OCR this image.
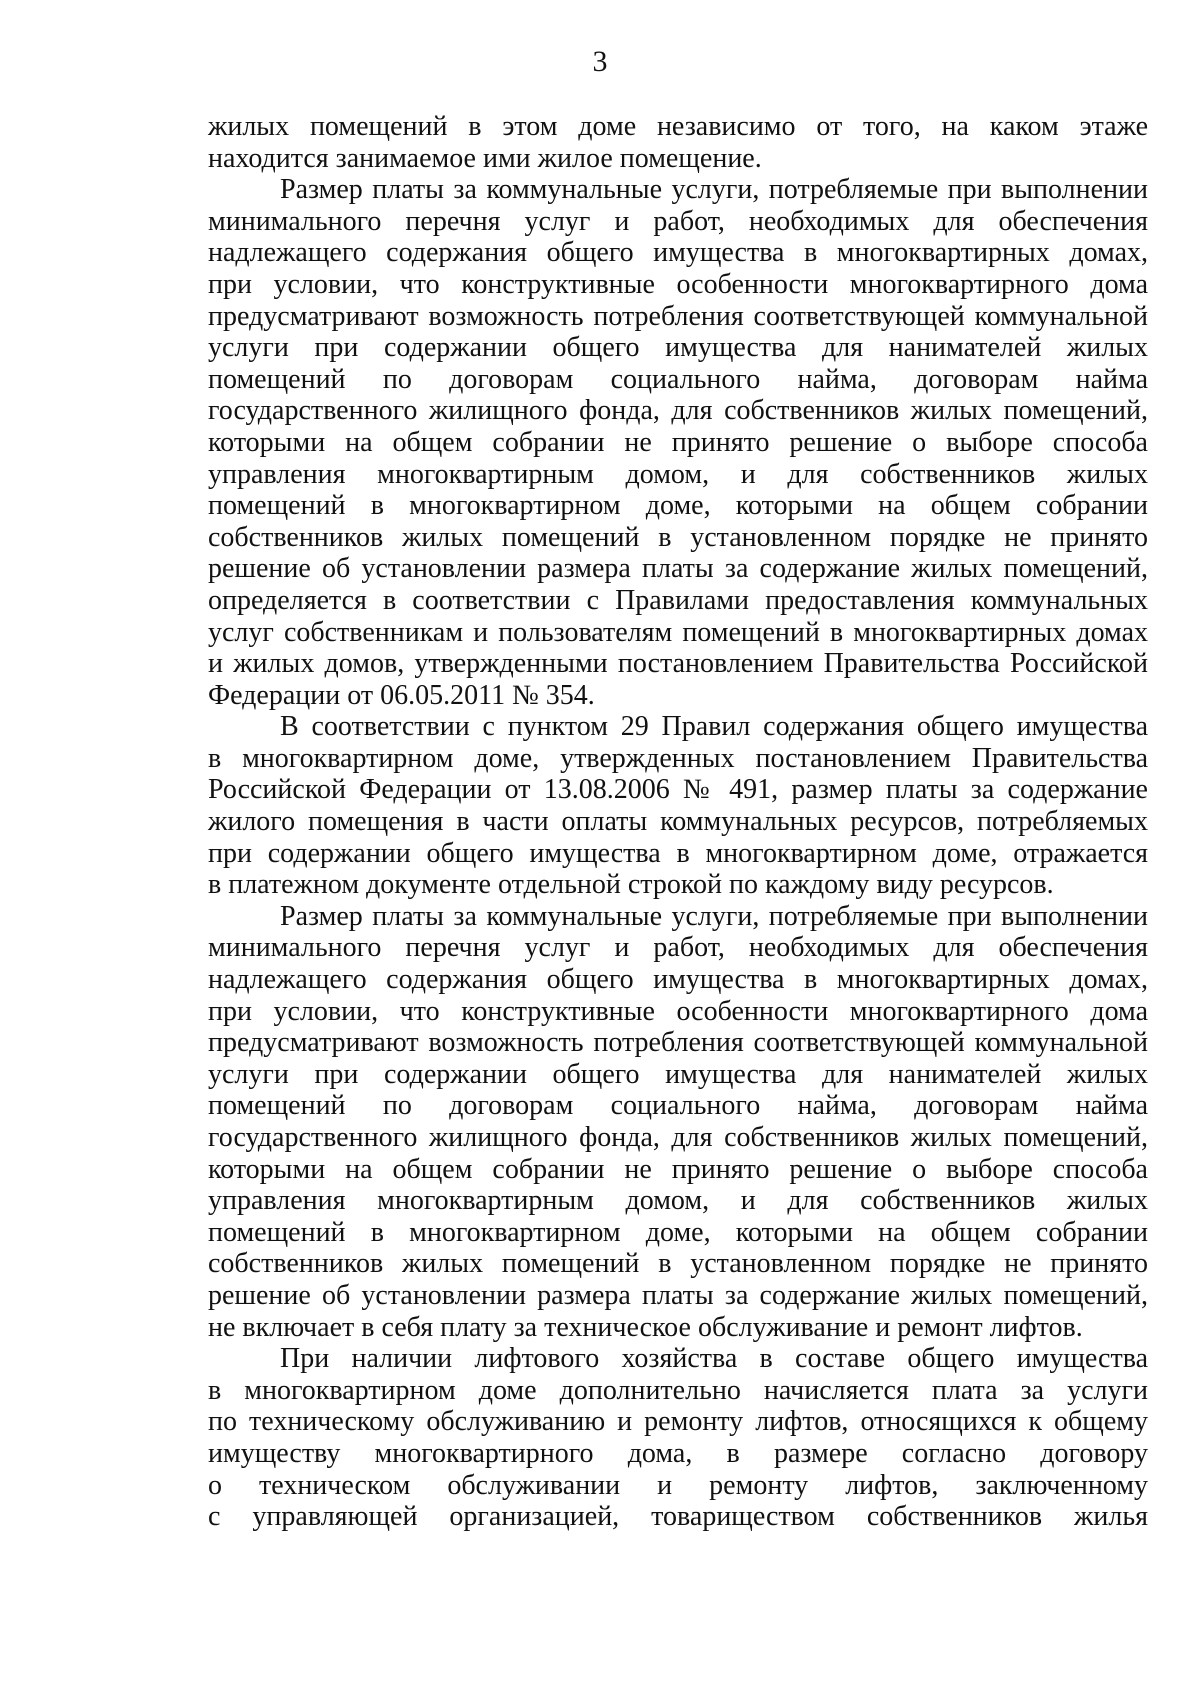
3
жилых помещений в этом доме независимо от того, на каком этаже
находится занимаемое ими жилое помещение.
Размер платы за коммунальные услуги, потребляемые при выполнении
минимального перечня услуг и работ, необходимых для обеспечения
надлежащего содержания общего имущества в многоквартирных домах,
при условии, что конструктивные особенности многоквартирного дома
предусматривают возможность потребления соответствующей коммунальной
услуги при содержании общего имущества для нанимателей жилых
помещений по договорам социального найма, договорам найма
государственного жилищного фонда, для собственников жилых помещений,
которыми на общем собрании не принято решение о выборе способа
управления многоквартирным домом, и для собственников жилых
помещений в многоквартирном доме, которыми на общем собрании
собственников жилых помещений в установленном порядке не принято
решение об установлении размера платы за содержание жилых помещений,
определяется в соответствии с Правилами предоставления коммунальных
услуг собственникам и пользователям помещений в многоквартирных домах
и жилых домов, утвержденными постановлением Правительства Российской
Федерации от 06.05.2011 № 354.
В соответствии с пунктом 29 Правил содержания общего имущества
в многоквартирном доме, утвержденных постановлением Правительства
Российской Федерации от 13.08.2006 № 491, размер платы за содержание
жилого помещения в части оплаты коммунальных ресурсов, потребляемых
при содержании общего имущества в многоквартирном доме, отражается
в платежном документе отдельной строкой по каждому виду ресурсов.
Размер платы за коммунальные услуги, потребляемые при выполнении
минимального перечня услуг и работ, необходимых для обеспечения
надлежащего содержания общего имущества в многоквартирных домах,
при условии, что конструктивные особенности многоквартирного дома
предусматривают возможность потребления соответствующей коммунальной
услуги при содержании общего имущества для нанимателей жилых
помещений по договорам социального найма, договорам найма
государственного жилищного фонда, для собственников жилых помещений,
которыми на общем собрании не принято решение о выборе способа
управления многоквартирным домом, и для собственников жилых
помещений в многоквартирном доме, которыми на общем собрании
собственников жилых помещений в установленном порядке не принято
решение об установлении размера платы за содержание жилых помещений,
не включает в себя плату за техническое обслуживание и ремонт лифтов.
При наличии лифтового хозяйства в составе общего имущества
в многоквартирном доме дополнительно начисляется плата за услуги
по техническому обслуживанию и ремонту лифтов, относящихся к общему
имуществу многоквартирного дома, в размере согласно договору
о техническом обслуживании и ремонту лифтов, заключенному
с управляющей организацией, товариществом собственников жилья
